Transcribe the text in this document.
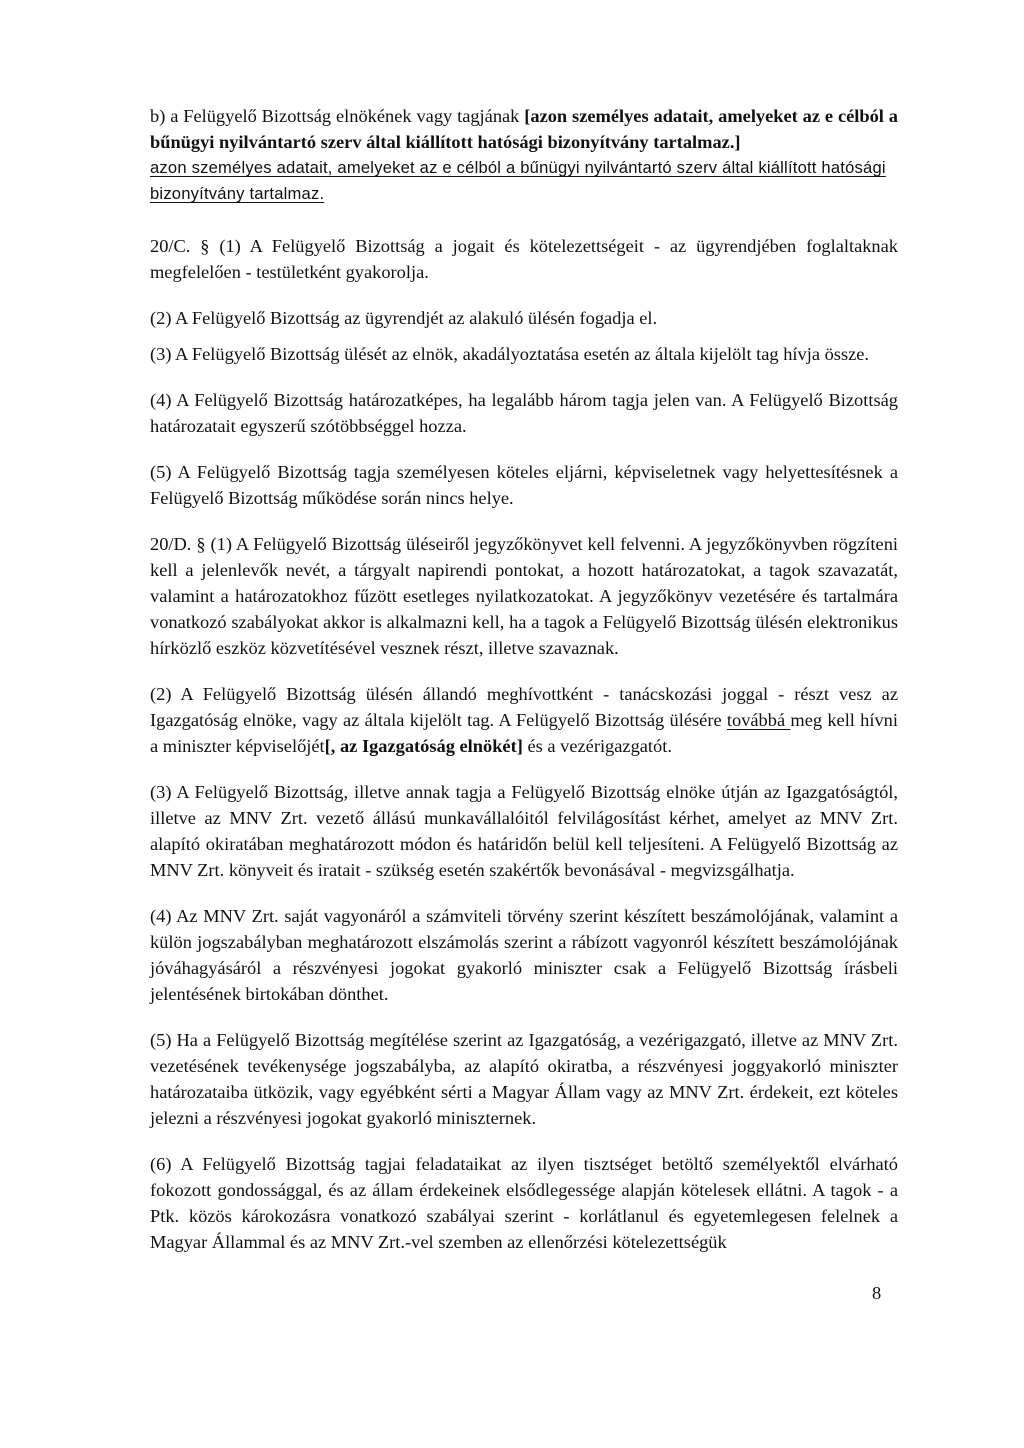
b) a Felügyelő Bizottság elnökének vagy tagjának [azon személyes adatait, amelyeket az e célból a bűnügyi nyilvántartó szerv által kiállított hatósági bizonyítvány tartalmaz.]

azon személyes adatait, amelyeket az e célból a bűnügyi nyilvántartó szerv által kiállított hatósági bizonyítvány tartalmaz.

20/C. § (1) A Felügyelő Bizottság a jogait és kötelezettségeit - az ügyrendjében foglaltaknak megfelelően - testületként gyakorolja.

(2) A Felügyelő Bizottság az ügyrendjét az alakuló ülésén fogadja el.

(3) A Felügyelő Bizottság ülését az elnök, akadályoztatása esetén az általa kijelölt tag hívja össze.

(4) A Felügyelő Bizottság határozatképes, ha legalább három tagja jelen van. A Felügyelő Bizottság határozatait egyszerű szótöbbséggel hozza.

(5) A Felügyelő Bizottság tagja személyesen köteles eljárni, képviseletnek vagy helyettesítésnek a Felügyelő Bizottság működése során nincs helye.

20/D. § (1) A Felügyelő Bizottság üléseiről jegyzőkönyvet kell felvenni. A jegyzőkönyvben rögzíteni kell a jelenlevők nevét, a tárgyalt napirendi pontokat, a hozott határozatokat, a tagok szavazatát, valamint a határozatokhoz fűzött esetleges nyilatkozatokat. A jegyzőkönyv vezetésére és tartalmára vonatkozó szabályokat akkor is alkalmazni kell, ha a tagok a Felügyelő Bizottság ülésén elektronikus hírközlő eszköz közvetítésével vesznek részt, illetve szavaznak.

(2) A Felügyelő Bizottság ülésén állandó meghívottként - tanácskozási joggal - részt vesz az Igazgatóság elnöke, vagy az általa kijelölt tag. A Felügyelő Bizottság ülésére továbbá meg kell hívni a miniszter képviselőjét[, az Igazgatóság elnökét] és a vezérigazgatót.

(3) A Felügyelő Bizottság, illetve annak tagja a Felügyelő Bizottság elnöke útján az Igazgatóságtól, illetve az MNV Zrt. vezető állású munkavállalóitól felvilágosítást kérhet, amelyet az MNV Zrt. alapító okiratában meghatározott módon és határidőn belül kell teljesíteni. A Felügyelő Bizottság az MNV Zrt. könyveit és iratait - szükség esetén szakértők bevonásával - megvizsgálhatja.

(4) Az MNV Zrt. saját vagyonáról a számviteli törvény szerint készített beszámolójának, valamint a külön jogszabályban meghatározott elszámolás szerint a rábízott vagyonról készített beszámolójának jóváhagyásáról a részvényesi jogokat gyakorló miniszter csak a Felügyelő Bizottság írásbeli jelentésének birtokában dönthet.

(5) Ha a Felügyelő Bizottság megítélése szerint az Igazgatóság, a vezérigazgató, illetve az MNV Zrt. vezetésének tevékenysége jogszabályba, az alapító okiratba, a részvényesi joggyakorló miniszter határozataiba ütközik, vagy egyébként sérti a Magyar Állam vagy az MNV Zrt. érdekeit, ezt köteles jelezni a részvényesi jogokat gyakorló miniszternek.

(6) A Felügyelő Bizottság tagjai feladataikat az ilyen tisztséget betöltő személyektől elvárható fokozott gondossággal, és az állam érdekeinek elsődlegessége alapján kötelesek ellátni. A tagok - a Ptk. közös károkozásra vonatkozó szabályai szerint - korlátlanul és egyetemlegesen felelnek a Magyar Állammal és az MNV Zrt.-vel szemben az ellenőrzési kötelezettségük

8
